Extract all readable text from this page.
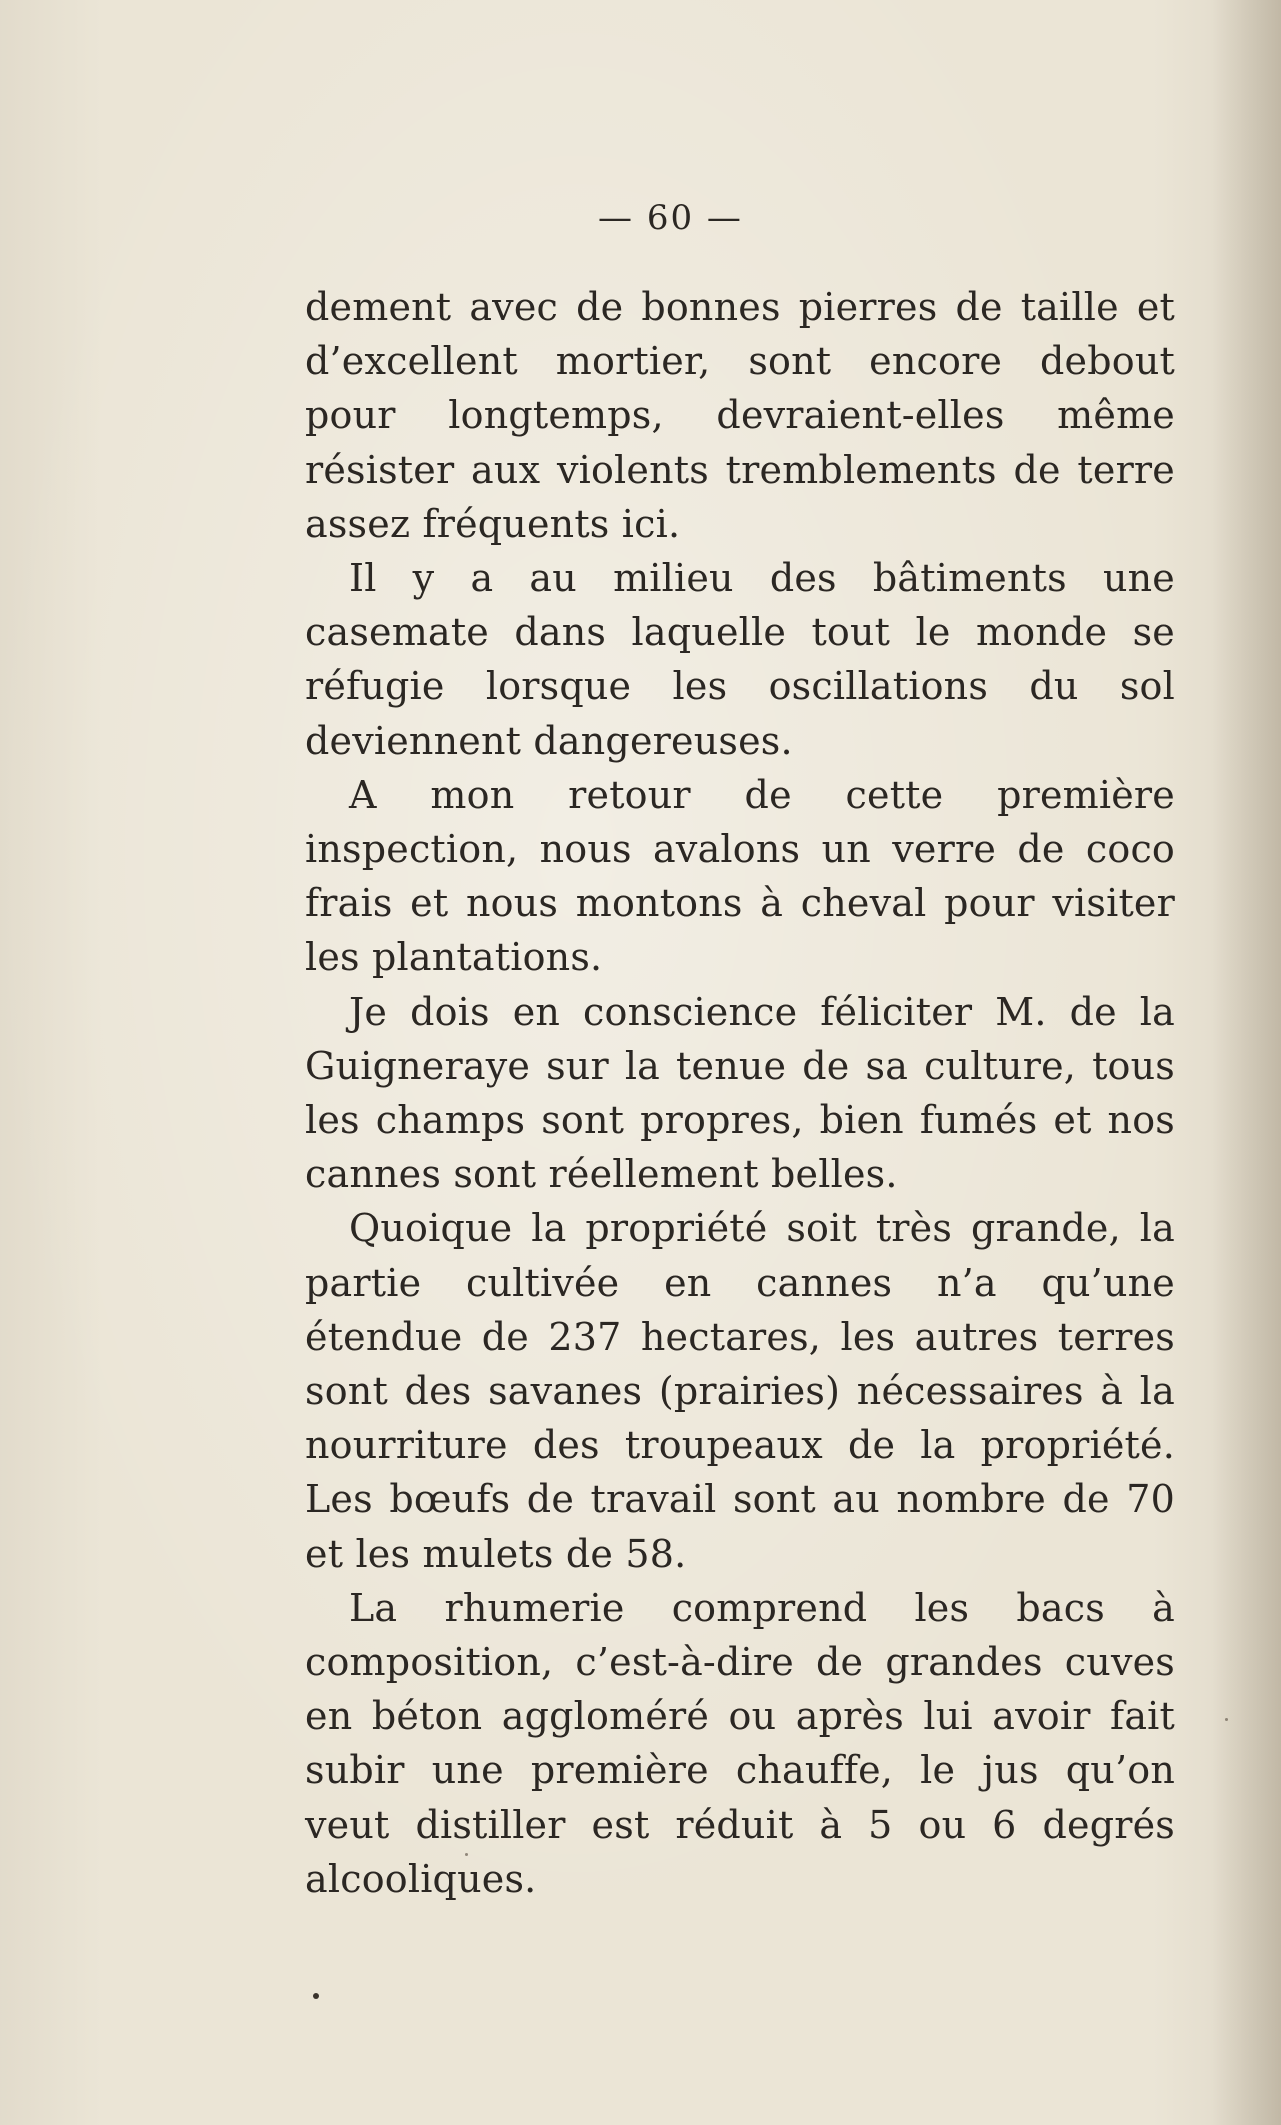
— 60 —

dement avec de bonnes pierres de taille et d’excellent mortier, sont encore debout pour longtemps, devraient-elles même résister aux violents tremblements de terre assez fréquents ici.

Il y a au milieu des bâtiments une casemate dans laquelle tout le monde se réfugie lorsque les oscillations du sol deviennent dangereuses.

A mon retour de cette première inspection, nous avalons un verre de coco frais et nous montons à cheval pour visiter les plantations.

Je dois en conscience féliciter M. de la Guigneraye sur la tenue de sa culture, tous les champs sont propres, bien fumés et nos cannes sont réellement belles.

Quoique la propriété soit très grande, la partie cultivée en cannes n’a qu’une étendue de 237 hectares, les autres terres sont des savanes (prairies) nécessaires à la nourriture des troupeaux de la propriété. Les bœufs de travail sont au nombre de 70 et les mulets de 58.

La rhumerie comprend les bacs à composition, c’est-à-dire de grandes cuves en béton aggloméré ou après lui avoir fait subir une première chauffe, le jus qu’on veut distiller est réduit à 5 ou 6 degrés alcooliques.
